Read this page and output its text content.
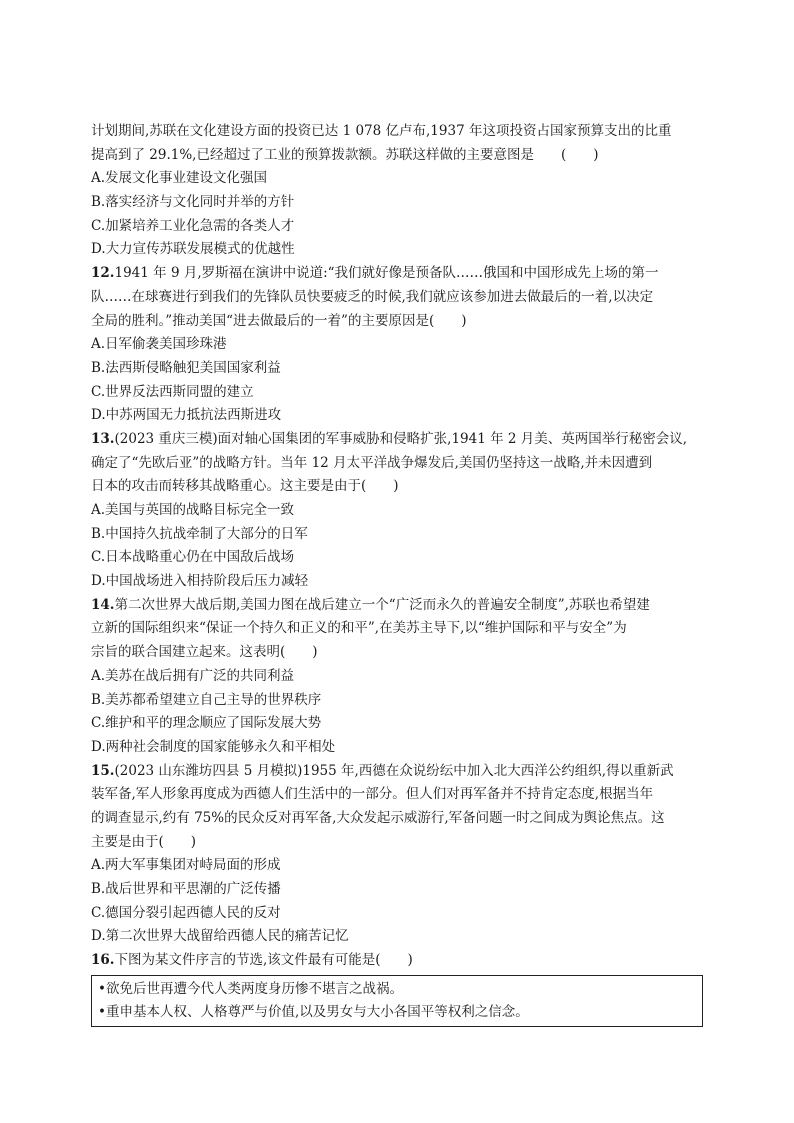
计划期间,苏联在文化建设方面的投资已达 1 078 亿卢布,1937 年这项投资占国家预算支出的比重
提高到了 29.1%,已经超过了工业的预算拨款额。苏联这样做的主要意图是　　(　　)
A.发展文化事业建设文化强国
B.落实经济与文化同时并举的方针
C.加紧培养工业化急需的各类人才
D.大力宣传苏联发展模式的优越性
12.1941 年 9 月,罗斯福在演讲中说道:“我们就好像是预备队……俄国和中国形成先上场的第一
队……在球赛进行到我们的先锋队员快要疲乏的时候,我们就应该参加进去做最后的一着,以决定
全局的胜利。”推动美国“进去做最后的一着”的主要原因是(　　)
A.日军偷袭美国珍珠港
B.法西斯侵略触犯美国国家利益
C.世界反法西斯同盟的建立
D.中苏两国无力抵抗法西斯进攻
13.(2023 重庆三模)面对轴心国集团的军事威胁和侵略扩张,1941 年 2 月美、英两国举行秘密会议,
确定了“先欧后亚”的战略方针。当年 12 月太平洋战争爆发后,美国仍坚持这一战略,并未因遭到
日本的攻击而转移其战略重心。这主要是由于(　　)
A.美国与英国的战略目标完全一致
B.中国持久抗战牵制了大部分的日军
C.日本战略重心仍在中国敌后战场
D.中国战场进入相持阶段后压力减轻
14.第二次世界大战后期,美国力图在战后建立一个“广泛而永久的普遍安全制度”,苏联也希望建
立新的国际组织来“保证一个持久和正义的和平”,在美苏主导下,以“维护国际和平与安全”为
宗旨的联合国建立起来。这表明(　　)
A.美苏在战后拥有广泛的共同利益
B.美苏都希望建立自己主导的世界秩序
C.维护和平的理念顺应了国际发展大势
D.两种社会制度的国家能够永久和平相处
15.(2023 山东潍坊四县 5 月模拟)1955 年,西德在众说纷纭中加入北大西洋公约组织,得以重新武
装军备,军人形象再度成为西德人们生活中的一部分。但人们对再军备并不持肯定态度,根据当年
的调查显示,约有 75%的民众反对再军备,大众发起示威游行,军备问题一时之间成为舆论焦点。这
主要是由于(　　)
A.两大军事集团对峙局面的形成
B.战后世界和平思潮的广泛传播
C.德国分裂引起西德人民的反对
D.第二次世界大战留给西德人民的痛苦记忆
16.下图为某文件序言的节选,该文件最有可能是(　　)
•欲免后世再遭今代人类两度身历惨不堪言之战祸。
•重申基本人权、人格尊严与价值,以及男女与大小各国平等权利之信念。
